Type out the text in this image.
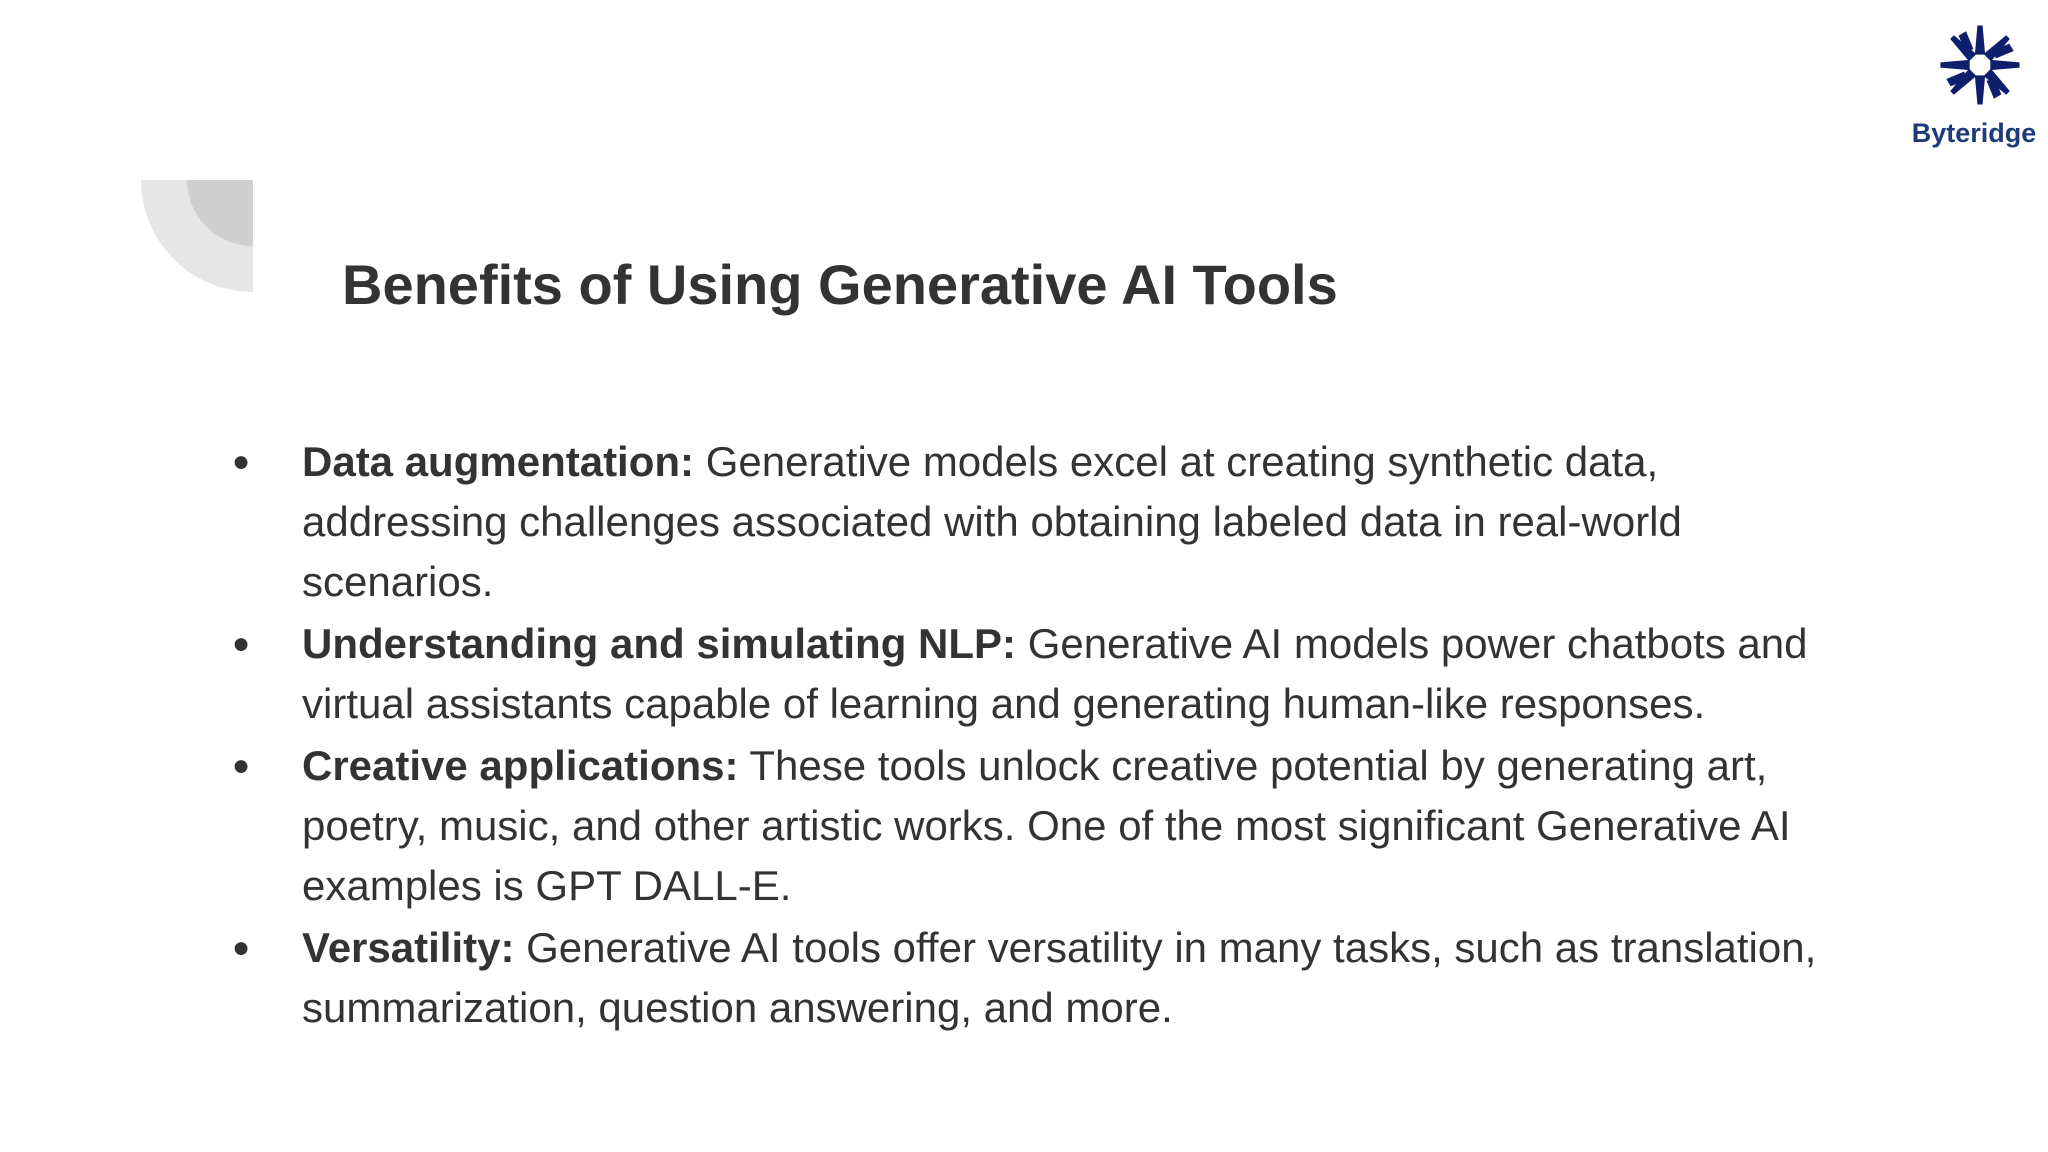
Byteridge
Benefits of Using Generative AI Tools
● Data augmentation: Generative models excel at creating synthetic data, addressing challenges associated with obtaining labeled data in real-world scenarios.
● Understanding and simulating NLP: Generative AI models power chatbots and virtual assistants capable of learning and generating human-like responses.
● Creative applications: These tools unlock creative potential by generating art, poetry, music, and other artistic works. One of the most significant Generative AI examples is GPT DALL-E.
● Versatility: Generative AI tools offer versatility in many tasks, such as translation, summarization, question answering, and more.
